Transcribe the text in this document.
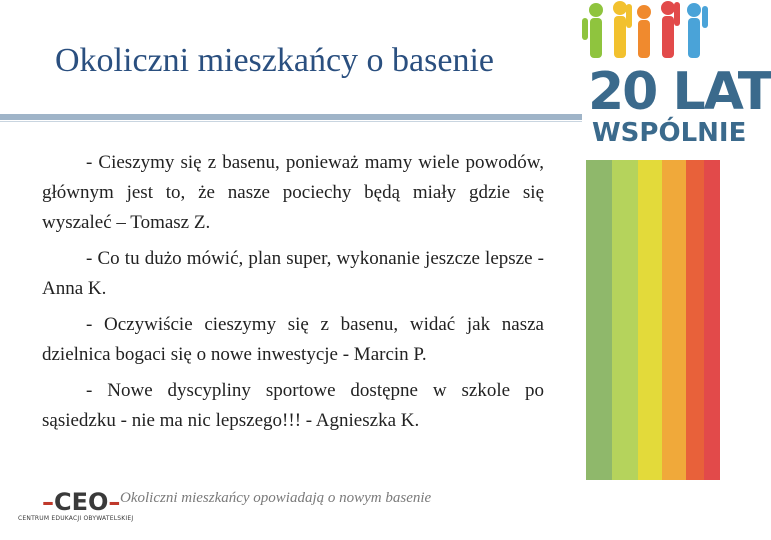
Okoliczni mieszkańcy o basenie

- Cieszymy się z basenu, ponieważ mamy wiele powodów, głównym jest to, że nasze pociechy będą miały gdzie się wyszaleć – Tomasz Z.

- Co tu dużo mówić, plan super, wykonanie jeszcze lepsze - Anna K.

- Oczywiście cieszymy się z basenu, widać jak nasza dzielnica bogaci się o nowe inwestycje - Marcin P.

- Nowe dyscypliny sportowe dostępne w szkole po sąsiedzku - nie ma nic lepszego!!! - Agnieszka K.

Okoliczni mieszkańcy opowiadają o nowym basenie
20 LAT
WSPÓLNIE
–CEO–
CENTRUM EDUKACJI OBYWATELSKIEJ
